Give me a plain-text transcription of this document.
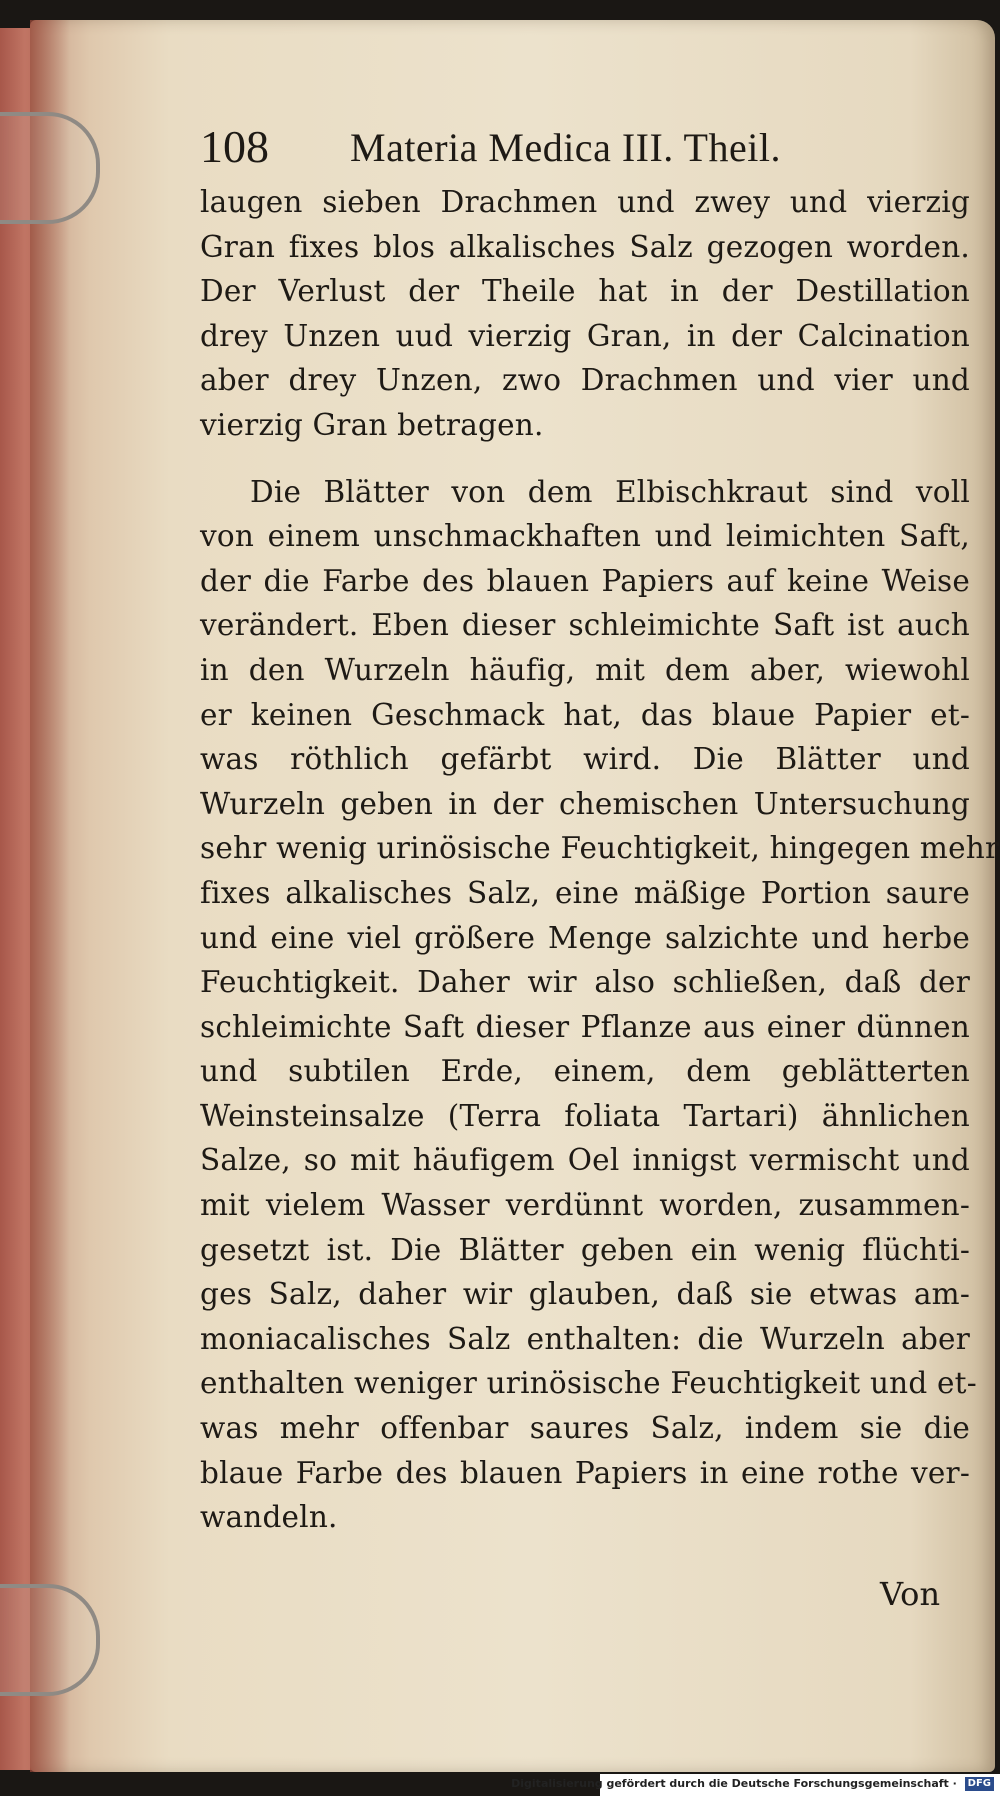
108 Materia Medica III. Theil.
laugen sieben Drachmen und zwey und vierzig
Gran fixes blos alkalisches Salz gezogen worden.
Der Verlust der Theile hat in der Destillation
drey Unzen uud vierzig Gran, in der Calcination
aber drey Unzen, zwo Drachmen und vier und
vierzig Gran betragen.
Die Blätter von dem Elbischkraut sind voll
von einem unschmackhaften und leimichten Saft,
der die Farbe des blauen Papiers auf keine Weise
verändert. Eben dieser schleimichte Saft ist auch
in den Wurzeln häufig, mit dem aber, wiewohl
er keinen Geschmack hat, das blaue Papier et-
was röthlich gefärbt wird. Die Blätter und
Wurzeln geben in der chemischen Untersuchung
sehr wenig urinösische Feuchtigkeit, hingegen mehr
fixes alkalisches Salz, eine mäßige Portion saure
und eine viel größere Menge salzichte und herbe
Feuchtigkeit. Daher wir also schließen, daß der
schleimichte Saft dieser Pflanze aus einer dünnen
und subtilen Erde, einem, dem geblätterten
Weinsteinsalze (Terra foliata Tartari) ähnlichen
Salze, so mit häufigem Oel innigst vermischt und
mit vielem Wasser verdünnt worden, zusammen-
gesetzt ist. Die Blätter geben ein wenig flüchti-
ges Salz, daher wir glauben, daß sie etwas am-
moniacalisches Salz enthalten: die Wurzeln aber
enthalten weniger urinösische Feuchtigkeit und et-
was mehr offenbar saures Salz, indem sie die
blaue Farbe des blauen Papiers in eine rothe ver-
wandeln.
Von
Digitalisierung gefördert durch die Deutsche Forschungsgemeinschaft · DFG
